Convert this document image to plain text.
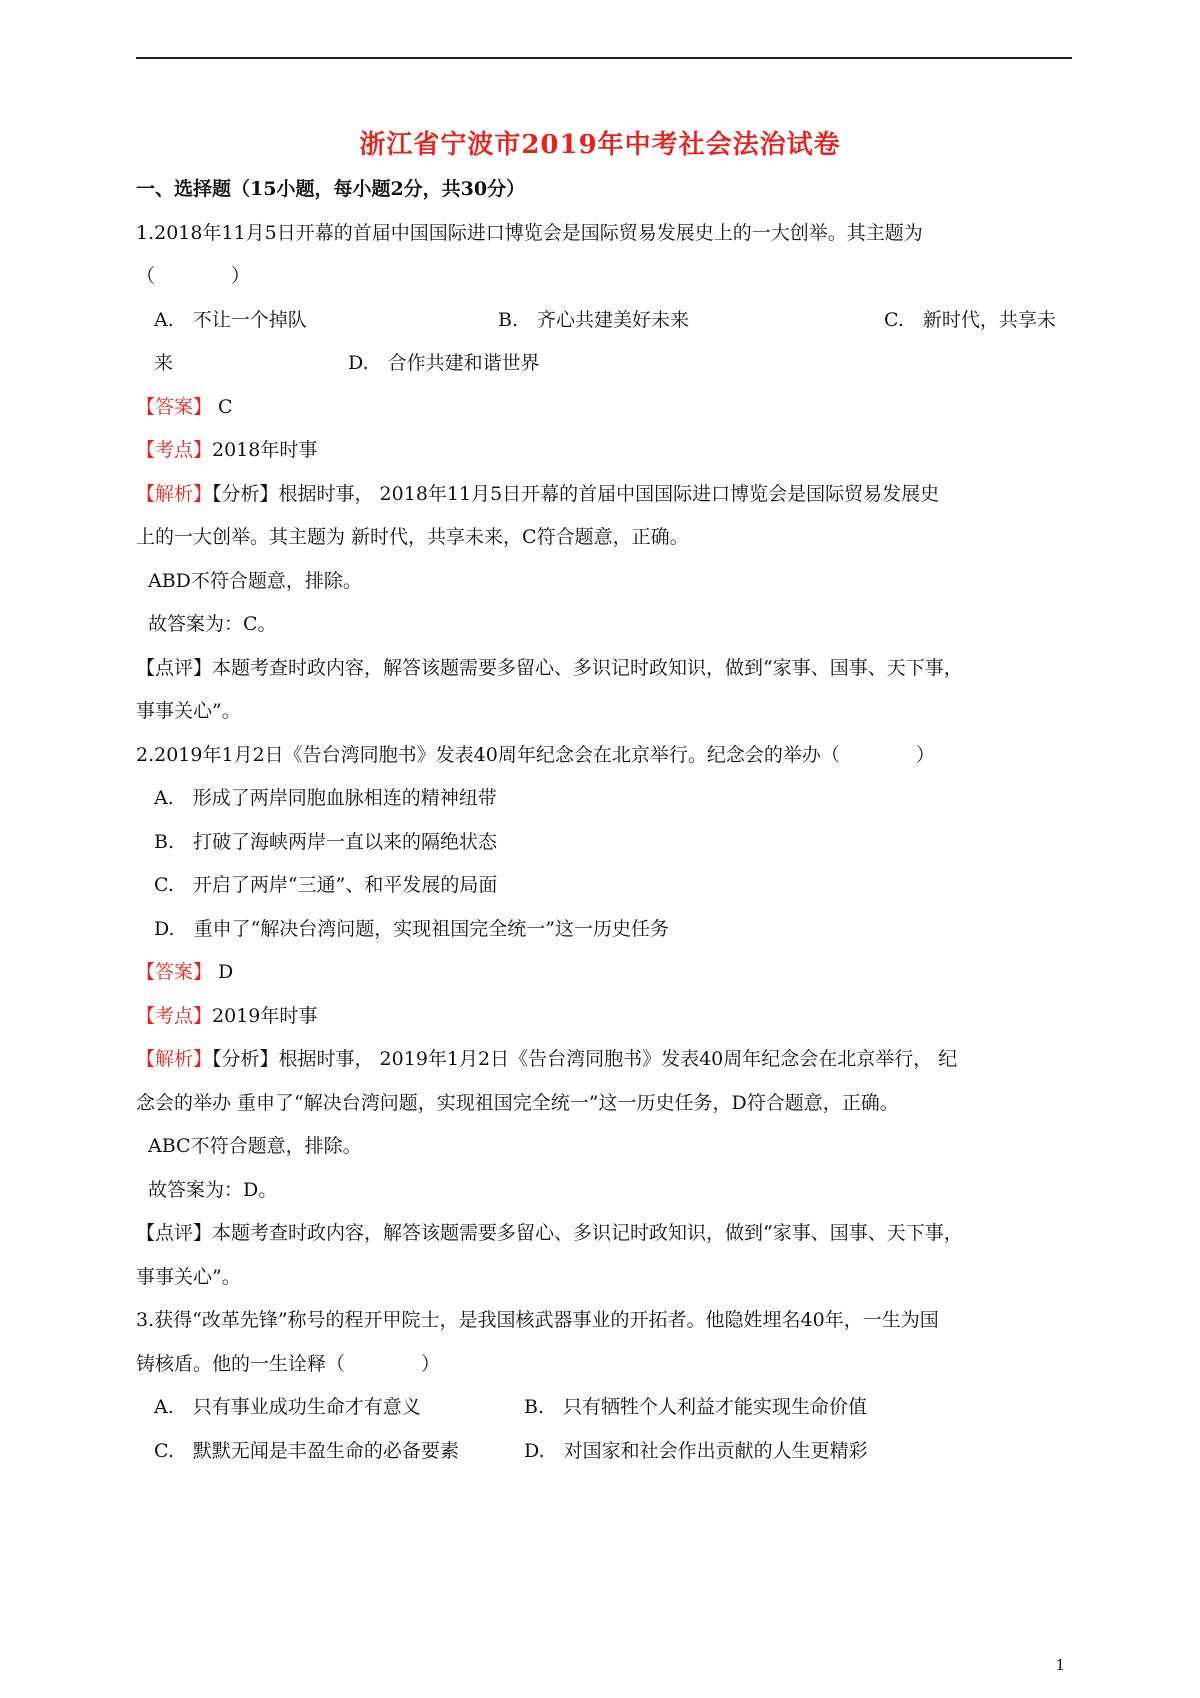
浙江省宁波市2019年中考社会法治试卷
一、选择题（15小题，每小题2分，共30分）
1.2018年11月5日开幕的首届中国国际进口博览会是国际贸易发展史上的一大创举。其主题为
（　　　　）
A.　不让一个掉队	B.　齐心共建美好未来	C.　新时代，共享未
来	D.　合作共建和谐世界
【答案】 C
【考点】2018年时事
【解析】【分析】根据时事， 2018年11月5日开幕的首届中国国际进口博览会是国际贸易发展史
上的一大创举。其主题为 新时代，共享未来，C符合题意，正确。
ABD不符合题意，排除。
故答案为：C。
【点评】本题考查时政内容，解答该题需要多留心、多识记时政知识，做到“家事、国事、天下事，
事事关心”。
2.2019年1月2日《告台湾同胞书》发表40周年纪念会在北京举行。纪念会的举办（　　　　）
A.　形成了两岸同胞血脉相连的精神纽带
B.　打破了海峡两岸一直以来的隔绝状态
C.　开启了两岸“三通”、和平发展的局面
D.　重申了“解决台湾问题，实现祖国完全统一”这一历史任务
【答案】 D
【考点】2019年时事
【解析】【分析】根据时事， 2019年1月2日《告台湾同胞书》发表40周年纪念会在北京举行， 纪
念会的举办 重申了“解决台湾问题，实现祖国完全统一”这一历史任务，D符合题意，正确。
ABC不符合题意，排除。
故答案为：D。
【点评】本题考查时政内容，解答该题需要多留心、多识记时政知识，做到“家事、国事、天下事，
事事关心”。
3.获得“改革先锋”称号的程开甲院士，是我国核武器事业的开拓者。他隐姓埋名40年，一生为国
铸核盾。他的一生诠释（　　　　）
A.　只有事业成功生命才有意义	B.　只有牺牲个人利益才能实现生命价值
C.　默默无闻是丰盈生命的必备要素	D.　对国家和社会作出贡献的人生更精彩
1
